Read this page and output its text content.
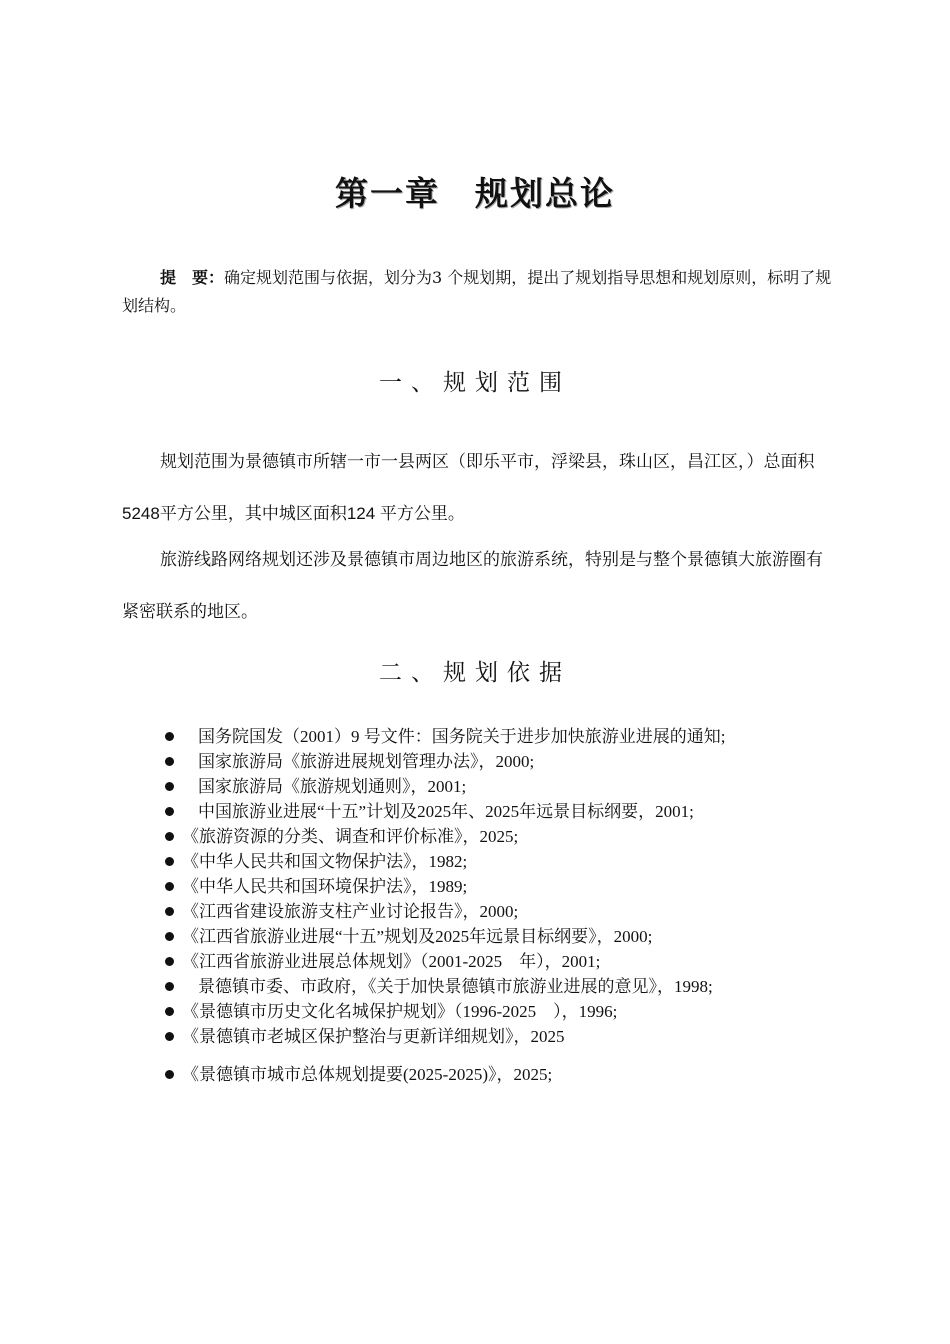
第一章　规划总论
提　要：确定规划范围与依据，划分为3 个规划期，提出了规划指导思想和规划原则，标明了规划结构。
一、规划范围
规划范围为景德镇市所辖一市一县两区（即乐平市，浮梁县，珠山区，昌江区，）总面积5248平方公里，其中城区面积124 平方公里。
旅游线路网络规划还涉及景德镇市周边地区的旅游系统，特别是与整个景德镇大旅游圈有紧密联系的地区。
二、规划依据
国务院国发（2001）9 号文件：国务院关于进步加快旅游业进展的通知;
国家旅游局《旅游进展规划管理办法》，2000;
国家旅游局《旅游规划通则》，2001;
中国旅游业进展“十五”计划及2025年、2025年远景目标纲要，2001;
《旅游资源的分类、调查和评价标准》，2025;
《中华人民共和国文物保护法》，1982;
《中华人民共和国环境保护法》，1989;
《江西省建设旅游支柱产业讨论报告》，2000;
《江西省旅游业进展“十五”规划及2025年远景目标纲要》，2000;
《江西省旅游业进展总体规划》（2001-2025　年），2001;
景德镇市委、市政府，《关于加快景德镇市旅游业进展的意见》，1998;
《景德镇市历史文化名城保护规划》（1996-2025　），1996;
《景德镇市老城区保护整治与更新详细规划》，2025
《景德镇市城市总体规划提要(2025-2025)》，2025;
